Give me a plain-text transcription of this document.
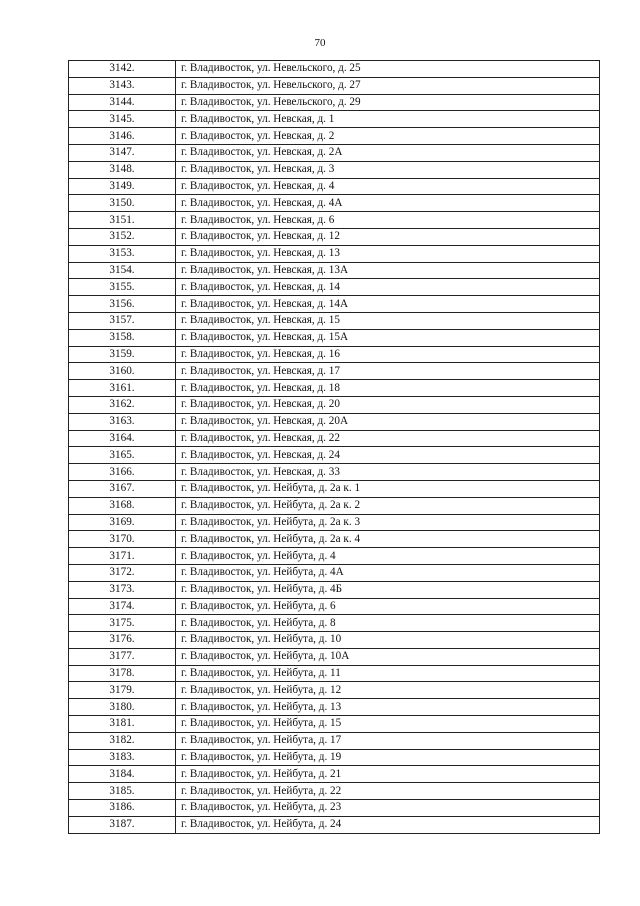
70
3142.	г. Владивосток, ул. Невельского, д. 25
3143.	г. Владивосток, ул. Невельского, д. 27
3144.	г. Владивосток, ул. Невельского, д. 29
3145.	г. Владивосток, ул. Невская, д. 1
3146.	г. Владивосток, ул. Невская, д. 2
3147.	г. Владивосток, ул. Невская, д. 2А
3148.	г. Владивосток, ул. Невская, д. 3
3149.	г. Владивосток, ул. Невская, д. 4
3150.	г. Владивосток, ул. Невская, д. 4А
3151.	г. Владивосток, ул. Невская, д. 6
3152.	г. Владивосток, ул. Невская, д. 12
3153.	г. Владивосток, ул. Невская, д. 13
3154.	г. Владивосток, ул. Невская, д. 13А
3155.	г. Владивосток, ул. Невская, д. 14
3156.	г. Владивосток, ул. Невская, д. 14А
3157.	г. Владивосток, ул. Невская, д. 15
3158.	г. Владивосток, ул. Невская, д. 15А
3159.	г. Владивосток, ул. Невская, д. 16
3160.	г. Владивосток, ул. Невская, д. 17
3161.	г. Владивосток, ул. Невская, д. 18
3162.	г. Владивосток, ул. Невская, д. 20
3163.	г. Владивосток, ул. Невская, д. 20А
3164.	г. Владивосток, ул. Невская, д. 22
3165.	г. Владивосток, ул. Невская, д. 24
3166.	г. Владивосток, ул. Невская, д. 33
3167.	г. Владивосток, ул. Нейбута, д. 2а к. 1
3168.	г. Владивосток, ул. Нейбута, д. 2а к. 2
3169.	г. Владивосток, ул. Нейбута, д. 2а к. 3
3170.	г. Владивосток, ул. Нейбута, д. 2а к. 4
3171.	г. Владивосток, ул. Нейбута, д. 4
3172.	г. Владивосток, ул. Нейбута, д. 4А
3173.	г. Владивосток, ул. Нейбута, д. 4Б
3174.	г. Владивосток, ул. Нейбута, д. 6
3175.	г. Владивосток, ул. Нейбута, д. 8
3176.	г. Владивосток, ул. Нейбута, д. 10
3177.	г. Владивосток, ул. Нейбута, д. 10А
3178.	г. Владивосток, ул. Нейбута, д. 11
3179.	г. Владивосток, ул. Нейбута, д. 12
3180.	г. Владивосток, ул. Нейбута, д. 13
3181.	г. Владивосток, ул. Нейбута, д. 15
3182.	г. Владивосток, ул. Нейбута, д. 17
3183.	г. Владивосток, ул. Нейбута, д. 19
3184.	г. Владивосток, ул. Нейбута, д. 21
3185.	г. Владивосток, ул. Нейбута, д. 22
3186.	г. Владивосток, ул. Нейбута, д. 23
3187.	г. Владивосток, ул. Нейбута, д. 24
